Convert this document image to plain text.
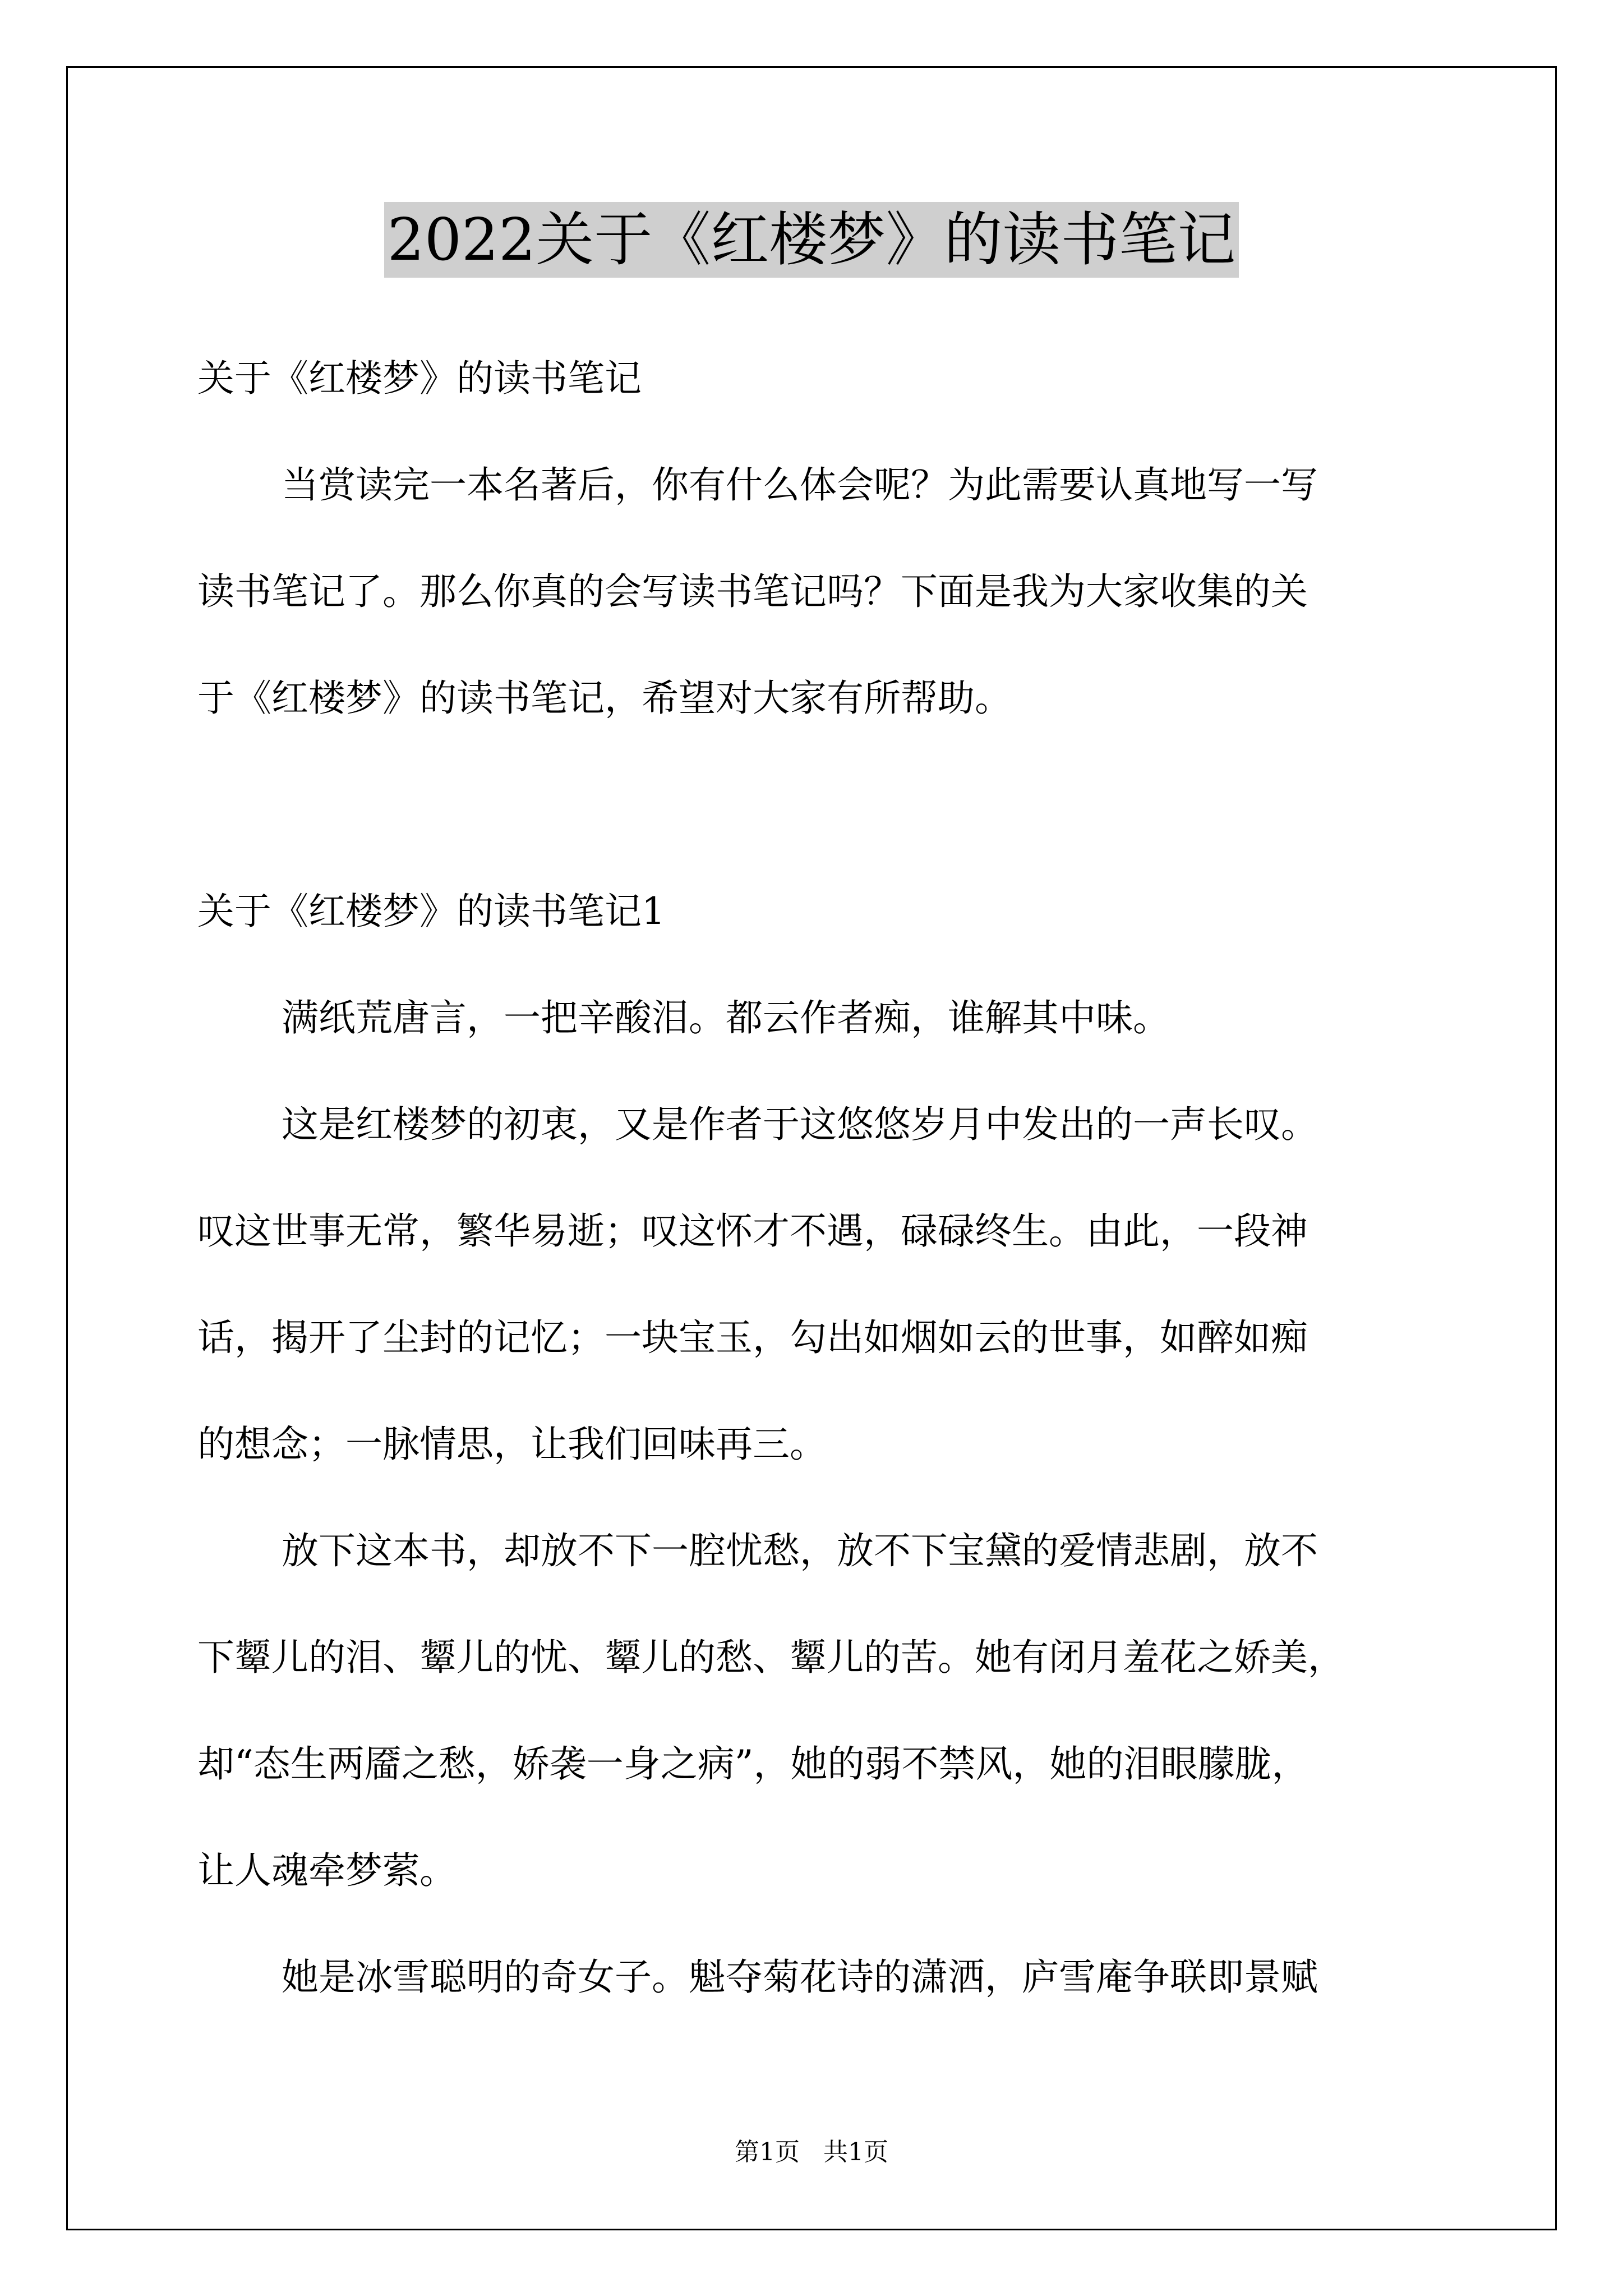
2022关于《红楼梦》的读书笔记
关于《红楼梦》的读书笔记
当赏读完一本名著后，你有什么体会呢？为此需要认真地写一写
读书笔记了。那么你真的会写读书笔记吗？下面是我为大家收集的关
于《红楼梦》的读书笔记，希望对大家有所帮助。
关于《红楼梦》的读书笔记1
满纸荒唐言，一把辛酸泪。都云作者痴，谁解其中味。
这是红楼梦的初衷，又是作者于这悠悠岁月中发出的一声长叹。
叹这世事无常，繁华易逝；叹这怀才不遇，碌碌终生。由此，一段神
话，揭开了尘封的记忆；一块宝玉，勾出如烟如云的世事，如醉如痴
的想念；一脉情思，让我们回味再三。
放下这本书，却放不下一腔忧愁，放不下宝黛的爱情悲剧，放不
下颦儿的泪、颦儿的忧、颦儿的愁、颦儿的苦。她有闭月羞花之娇美，
却“态生两靥之愁，娇袭一身之病”，她的弱不禁风，她的泪眼朦胧，
让人魂牵梦萦。
她是冰雪聪明的奇女子。魁夺菊花诗的潇洒，庐雪庵争联即景赋
第1页 共1页
